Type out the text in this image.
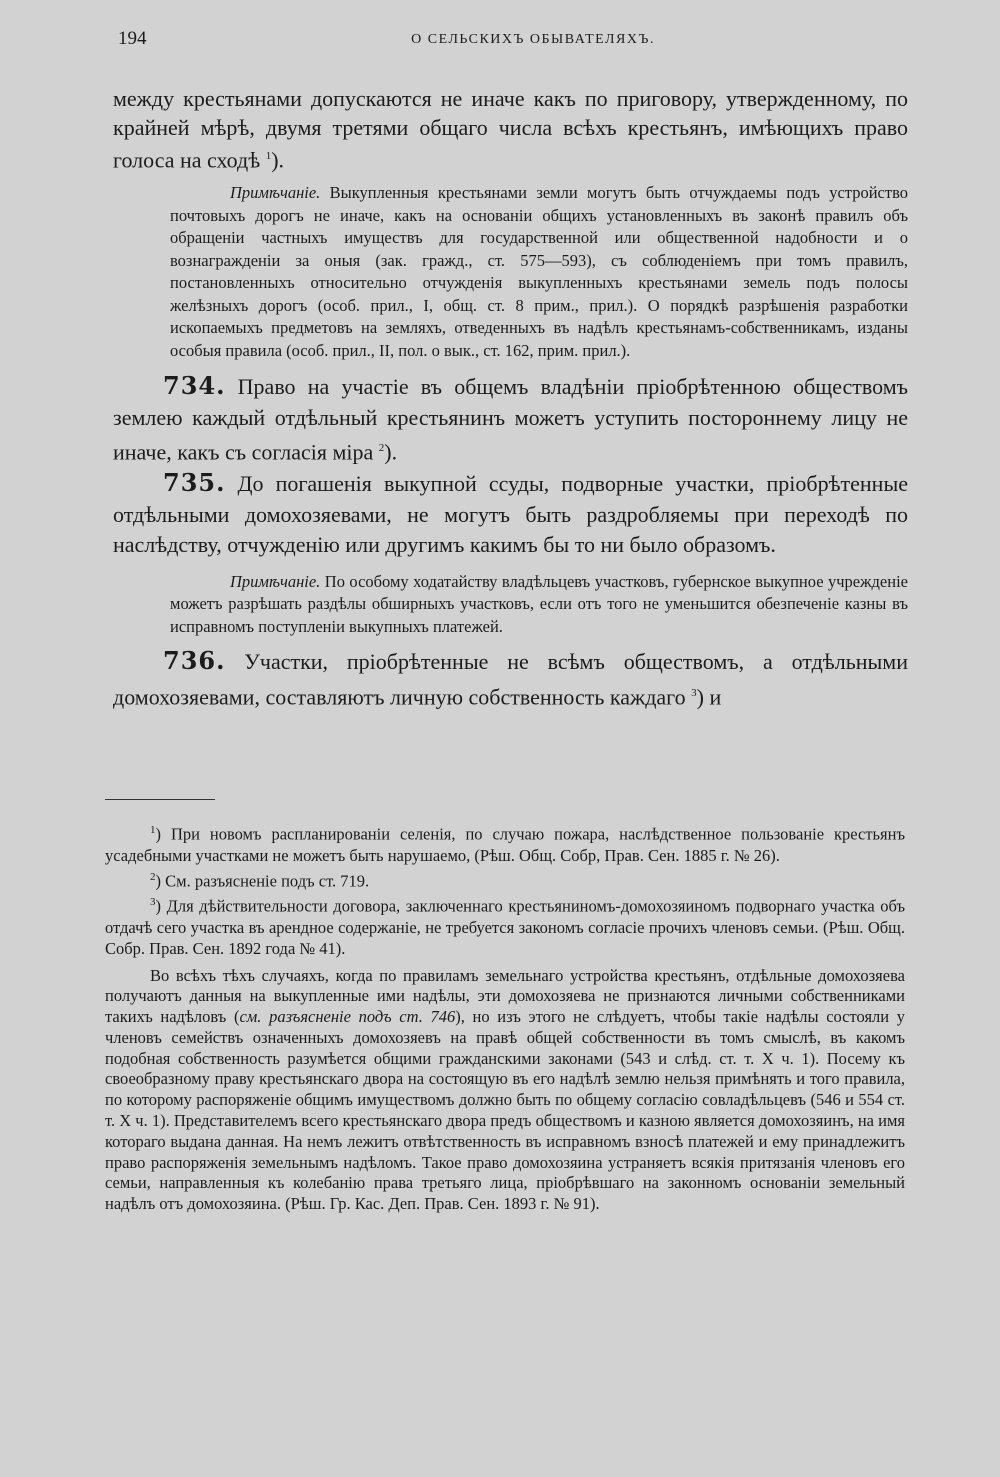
194	О СЕЛЬСКИХЪ ОБЫВАТЕЛЯХЪ.

между крестьянами допускаются не иначе какъ по приговору, утвержденному, по крайней мѣрѣ, двумя третями общаго числа всѣхъ крестьянъ, имѣющихъ право голоса на сходѣ $^1$).

Примѣчанiе. Выкупленныя крестьянами земли могутъ быть отчуждаемы подъ устройство почтовыхъ дорогъ не иначе, какъ на основанiи общихъ установленныхъ въ законѣ правилъ объ обращенiи частныхъ имуществъ для государственной или общественной надобности и о вознагражденiи за оныя (зак. гражд., ст. 575—593), съ соблюденiемъ при томъ правилъ, постановленныхъ относительно отчужденiя выкупленныхъ крестьянами земель подъ полосы желѣзныхъ дорогъ (особ. прил., I, общ. ст. 8 прим., прил.). О порядкѣ разрѣшенiя разработки ископаемыхъ предметовъ на земляхъ, отведенныхъ въ надѣлъ крестьянамъ-собственникамъ, изданы особыя правила (особ. прил., II, пол. о вык., ст. 162, прим. прил.).

734. Право на участiе въ общемъ владѣнiи прiобрѣтенною обществомъ землею каждый отдѣльный крестьянинъ можетъ уступить постороннему лицу не иначе, какъ съ согласiя мiра $^2$).

735. До погашенiя выкупной ссуды, подворные участки, прiобрѣтенные отдѣльными домохозяевами, не могутъ быть раздробляемы при переходѣ по наслѣдству, отчужденiю или другимъ какимъ бы то ни было образомъ.

Примѣчанiе. По особому ходатайству владѣльцевъ участковъ, губернское выкупное учрежденiе можетъ разрѣшать раздѣлы обширныхъ участковъ, если отъ того не уменьшится обезпеченiе казны въ исправномъ поступленiи выкупныхъ платежей.

736. Участки, прiобрѣтенные не всѣмъ обществомъ, а отдѣльными домохозяевами, составляютъ личную собственность каждаго $^3$) и

$^1$) При новомъ распланированiи селенiя, по случаю пожара, наслѣдственное пользованiе крестьянъ усадебными участками не можетъ быть нарушаемо, (Рѣш. Общ. Собр, Прав. Сен. 1885 г. № 26).

$^2$) См. разъясненiе подъ ст. 719.

$^3$) Для дѣйствительности договора, заключеннаго крестьяниномъ-домохозяиномъ подворнаго участка объ отдачѣ сего участка въ арендное содержанiе, не требуется закономъ согласiе прочихъ членовъ семьи. (Рѣш. Общ. Собр. Прав. Сен. 1892 года № 41).

Во всѣхъ тѣхъ случаяхъ, когда по правиламъ земельнаго устройства крестьянъ, отдѣльные домохозяева получаютъ данныя на выкупленные ими надѣлы, эти домохозяева не признаются личными собственниками такихъ надѣловъ (см. разъясненiе подъ ст. 746), но изъ этого не слѣдуетъ, чтобы такiе надѣлы состояли у членовъ семействъ означенныхъ домохозяевъ на правѣ общей собственности въ томъ смыслѣ, въ какомъ подобная собственность разумѣется общими гражданскими законами (543 и слѣд. ст. т. X ч. 1). Посему къ своеобразному праву крестьянскаго двора на состоящую въ его надѣлѣ землю нельзя примѣнять и того правила, по которому распоряженiе общимъ имуществомъ должно быть по общему согласiю совладѣльцевъ (546 и 554 ст. т. X ч. 1). Представителемъ всего крестьянскаго двора предъ обществомъ и казною является домохозяинъ, на имя котораго выдана данная. На немъ лежитъ отвѣтственность въ исправномъ взносѣ платежей и ему принадлежитъ право распоряженiя земельнымъ надѣломъ. Такое право домохозяина устраняетъ всякiя притязанiя членовъ его семьи, направленныя къ колебанiю права третьяго лица, прiобрѣвшаго на законномъ основанiи земельный надѣлъ отъ домохозяина. (Рѣш. Гр. Кас. Деп. Прав. Сен. 1893 г. № 91).
